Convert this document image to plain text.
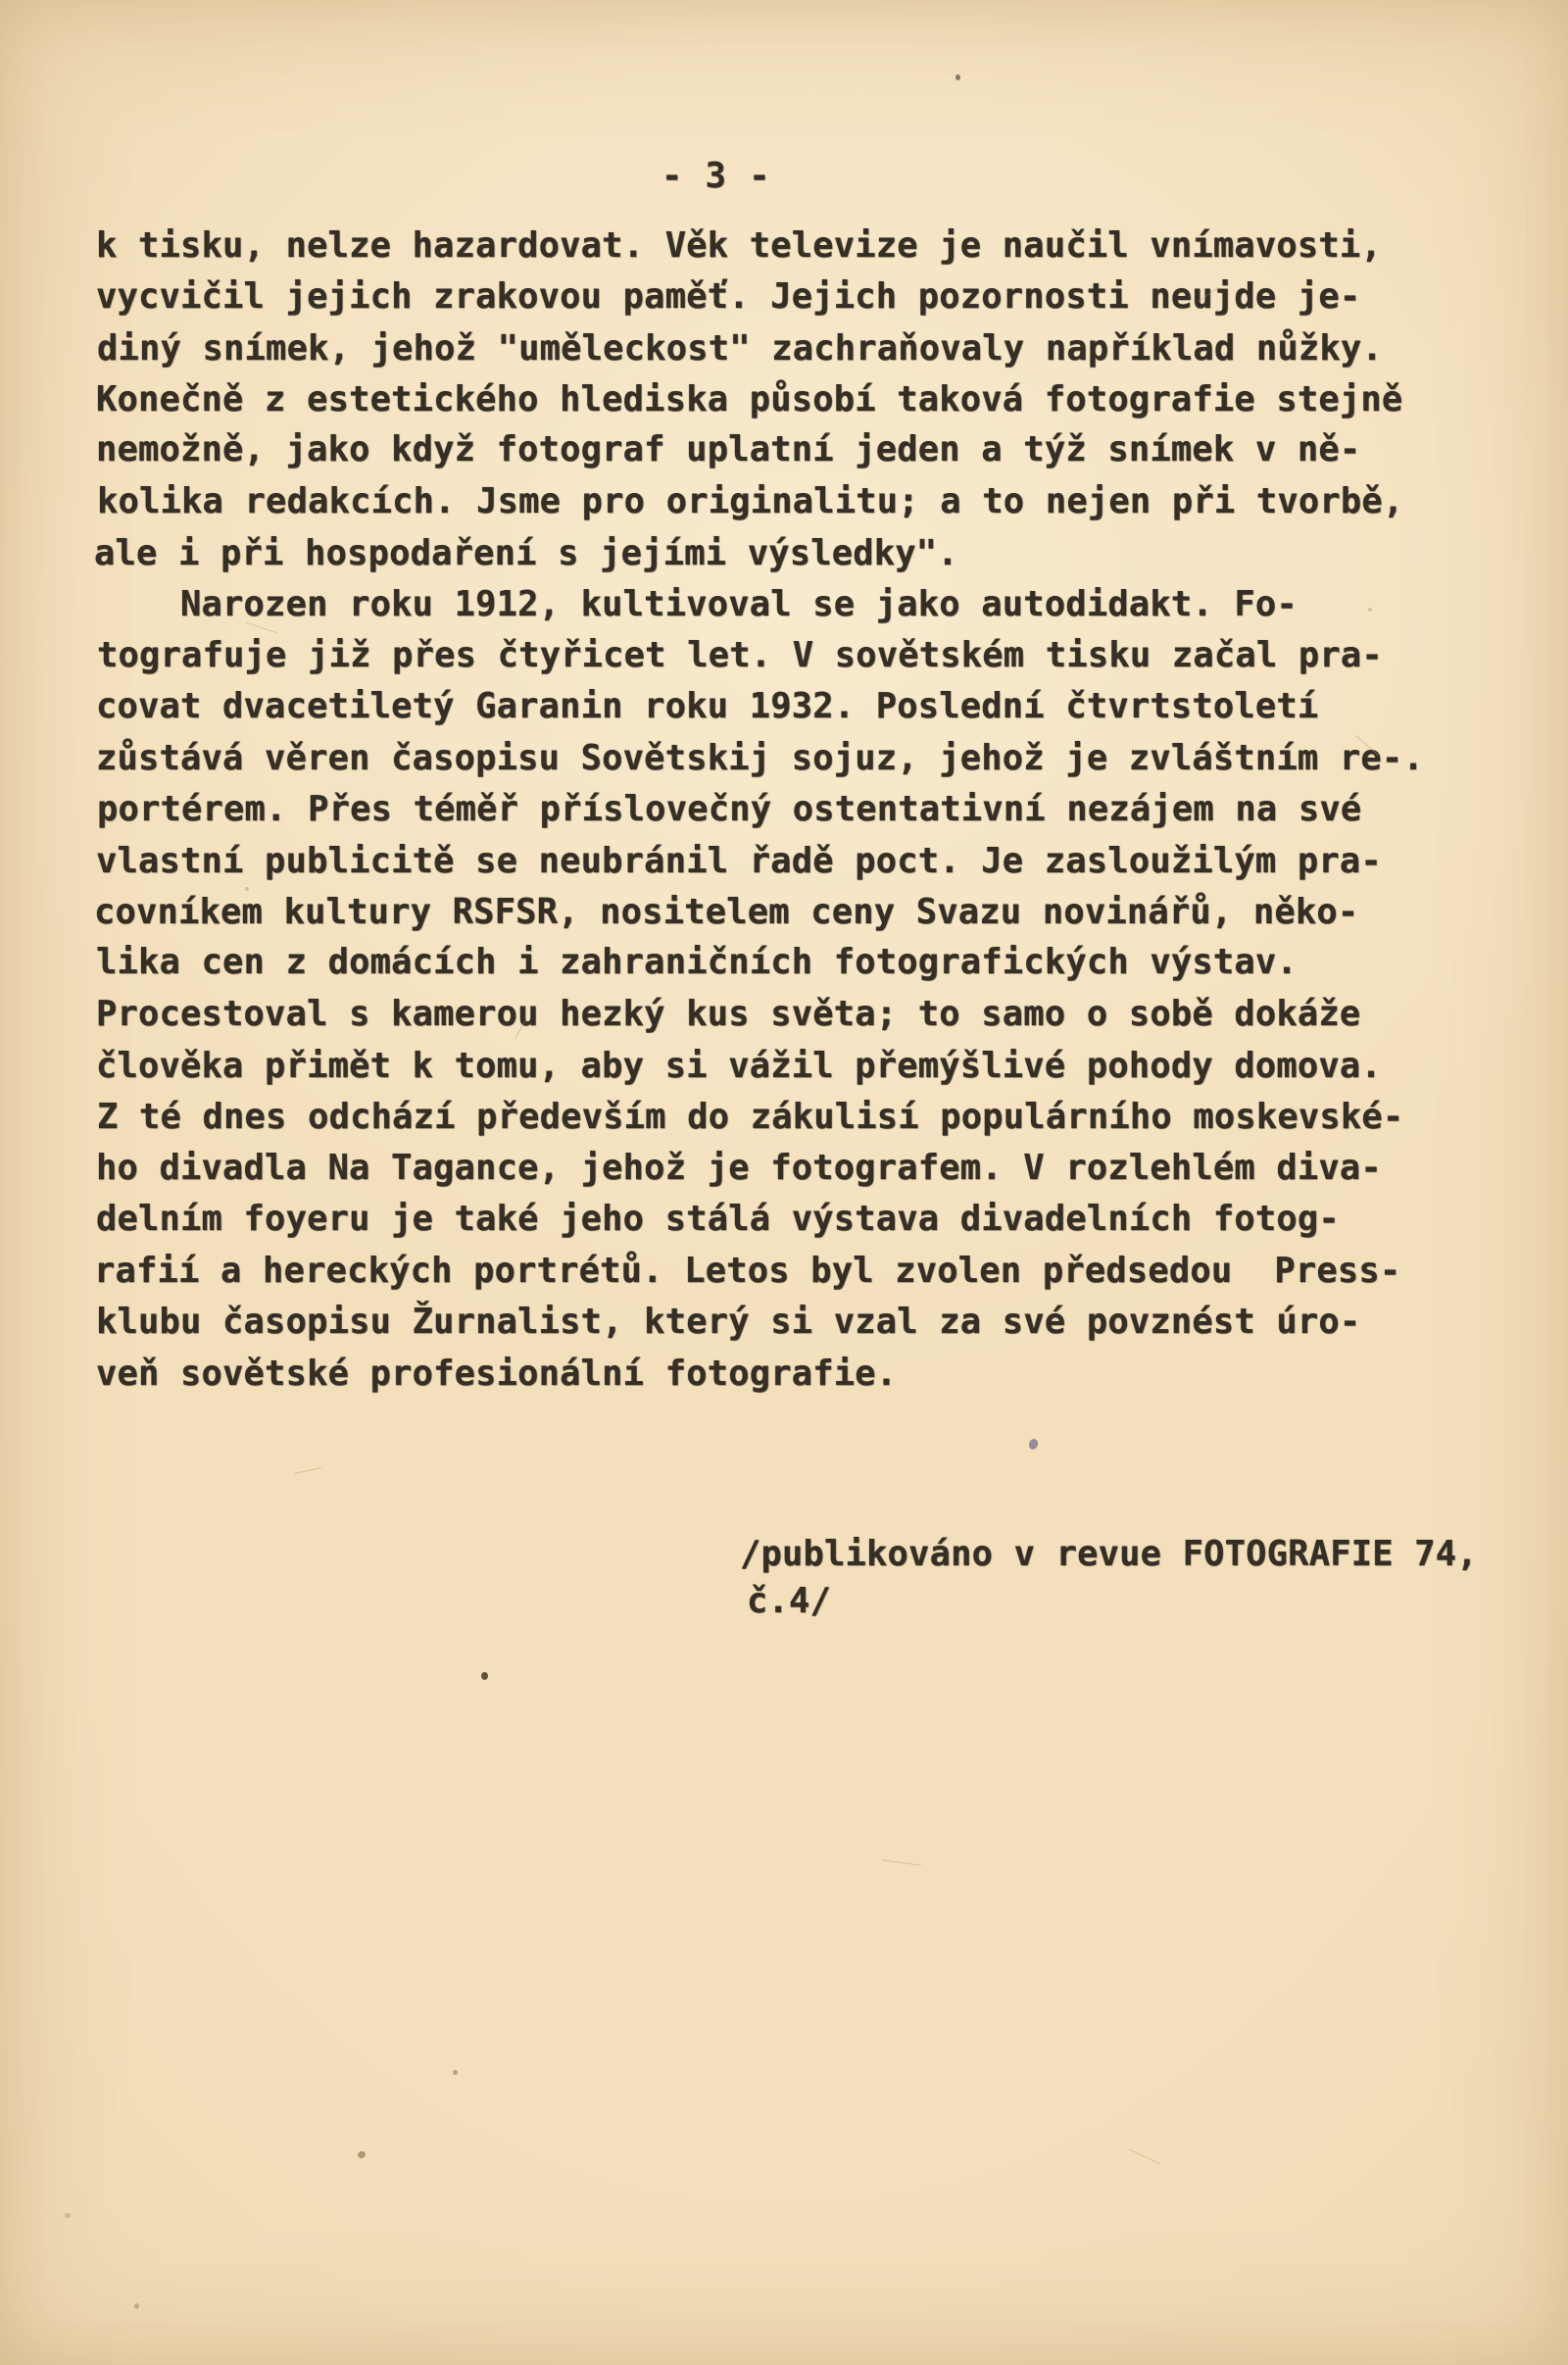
- 3 -
k tisku, nelze hazardovat. Věk televize je naučil vnímavosti,
vycvičil jejich zrakovou paměť. Jejich pozornosti neujde je-
diný snímek, jehož "uměleckost" zachraňovaly například nůžky.
Konečně z estetického hlediska působí taková fotografie stejně
nemožně, jako když fotograf uplatní jeden a týž snímek v ně-
kolika redakcích. Jsme pro originalitu; a to nejen při tvorbě,
ale i při hospodaření s jejími výsledky".
Narozen roku 1912, kultivoval se jako autodidakt. Fo-
tografuje již přes čtyřicet let. V sovětském tisku začal pra-
covat dvacetiletý Garanin roku 1932. Poslední čtvrtstoletí
zůstává věren časopisu Sovětskij sojuz, jehož je zvláštním re-.
portérem. Přes téměř příslovečný ostentativní nezájem na své
vlastní publicitě se neubránil řadě poct. Je zasloužilým pra-
covníkem kultury RSFSR, nositelem ceny Svazu novinářů, něko-
lika cen z domácích i zahraničních fotografických výstav.
Procestoval s kamerou hezký kus světa; to samo o sobě dokáže
člověka přimět k tomu, aby si vážil přemýšlivé pohody domova.
Z té dnes odchází především do zákulisí populárního moskevské-
ho divadla Na Tagance, jehož je fotografem. V rozlehlém diva-
delním foyeru je také jeho stálá výstava divadelních fotog-
rafií a hereckých portrétů. Letos byl zvolen předsedou  Press-
klubu časopisu Žurnalist, který si vzal za své povznést úro-
veň sovětské profesionální fotografie.
/publikováno v revue FOTOGRAFIE 74,
č.4/
